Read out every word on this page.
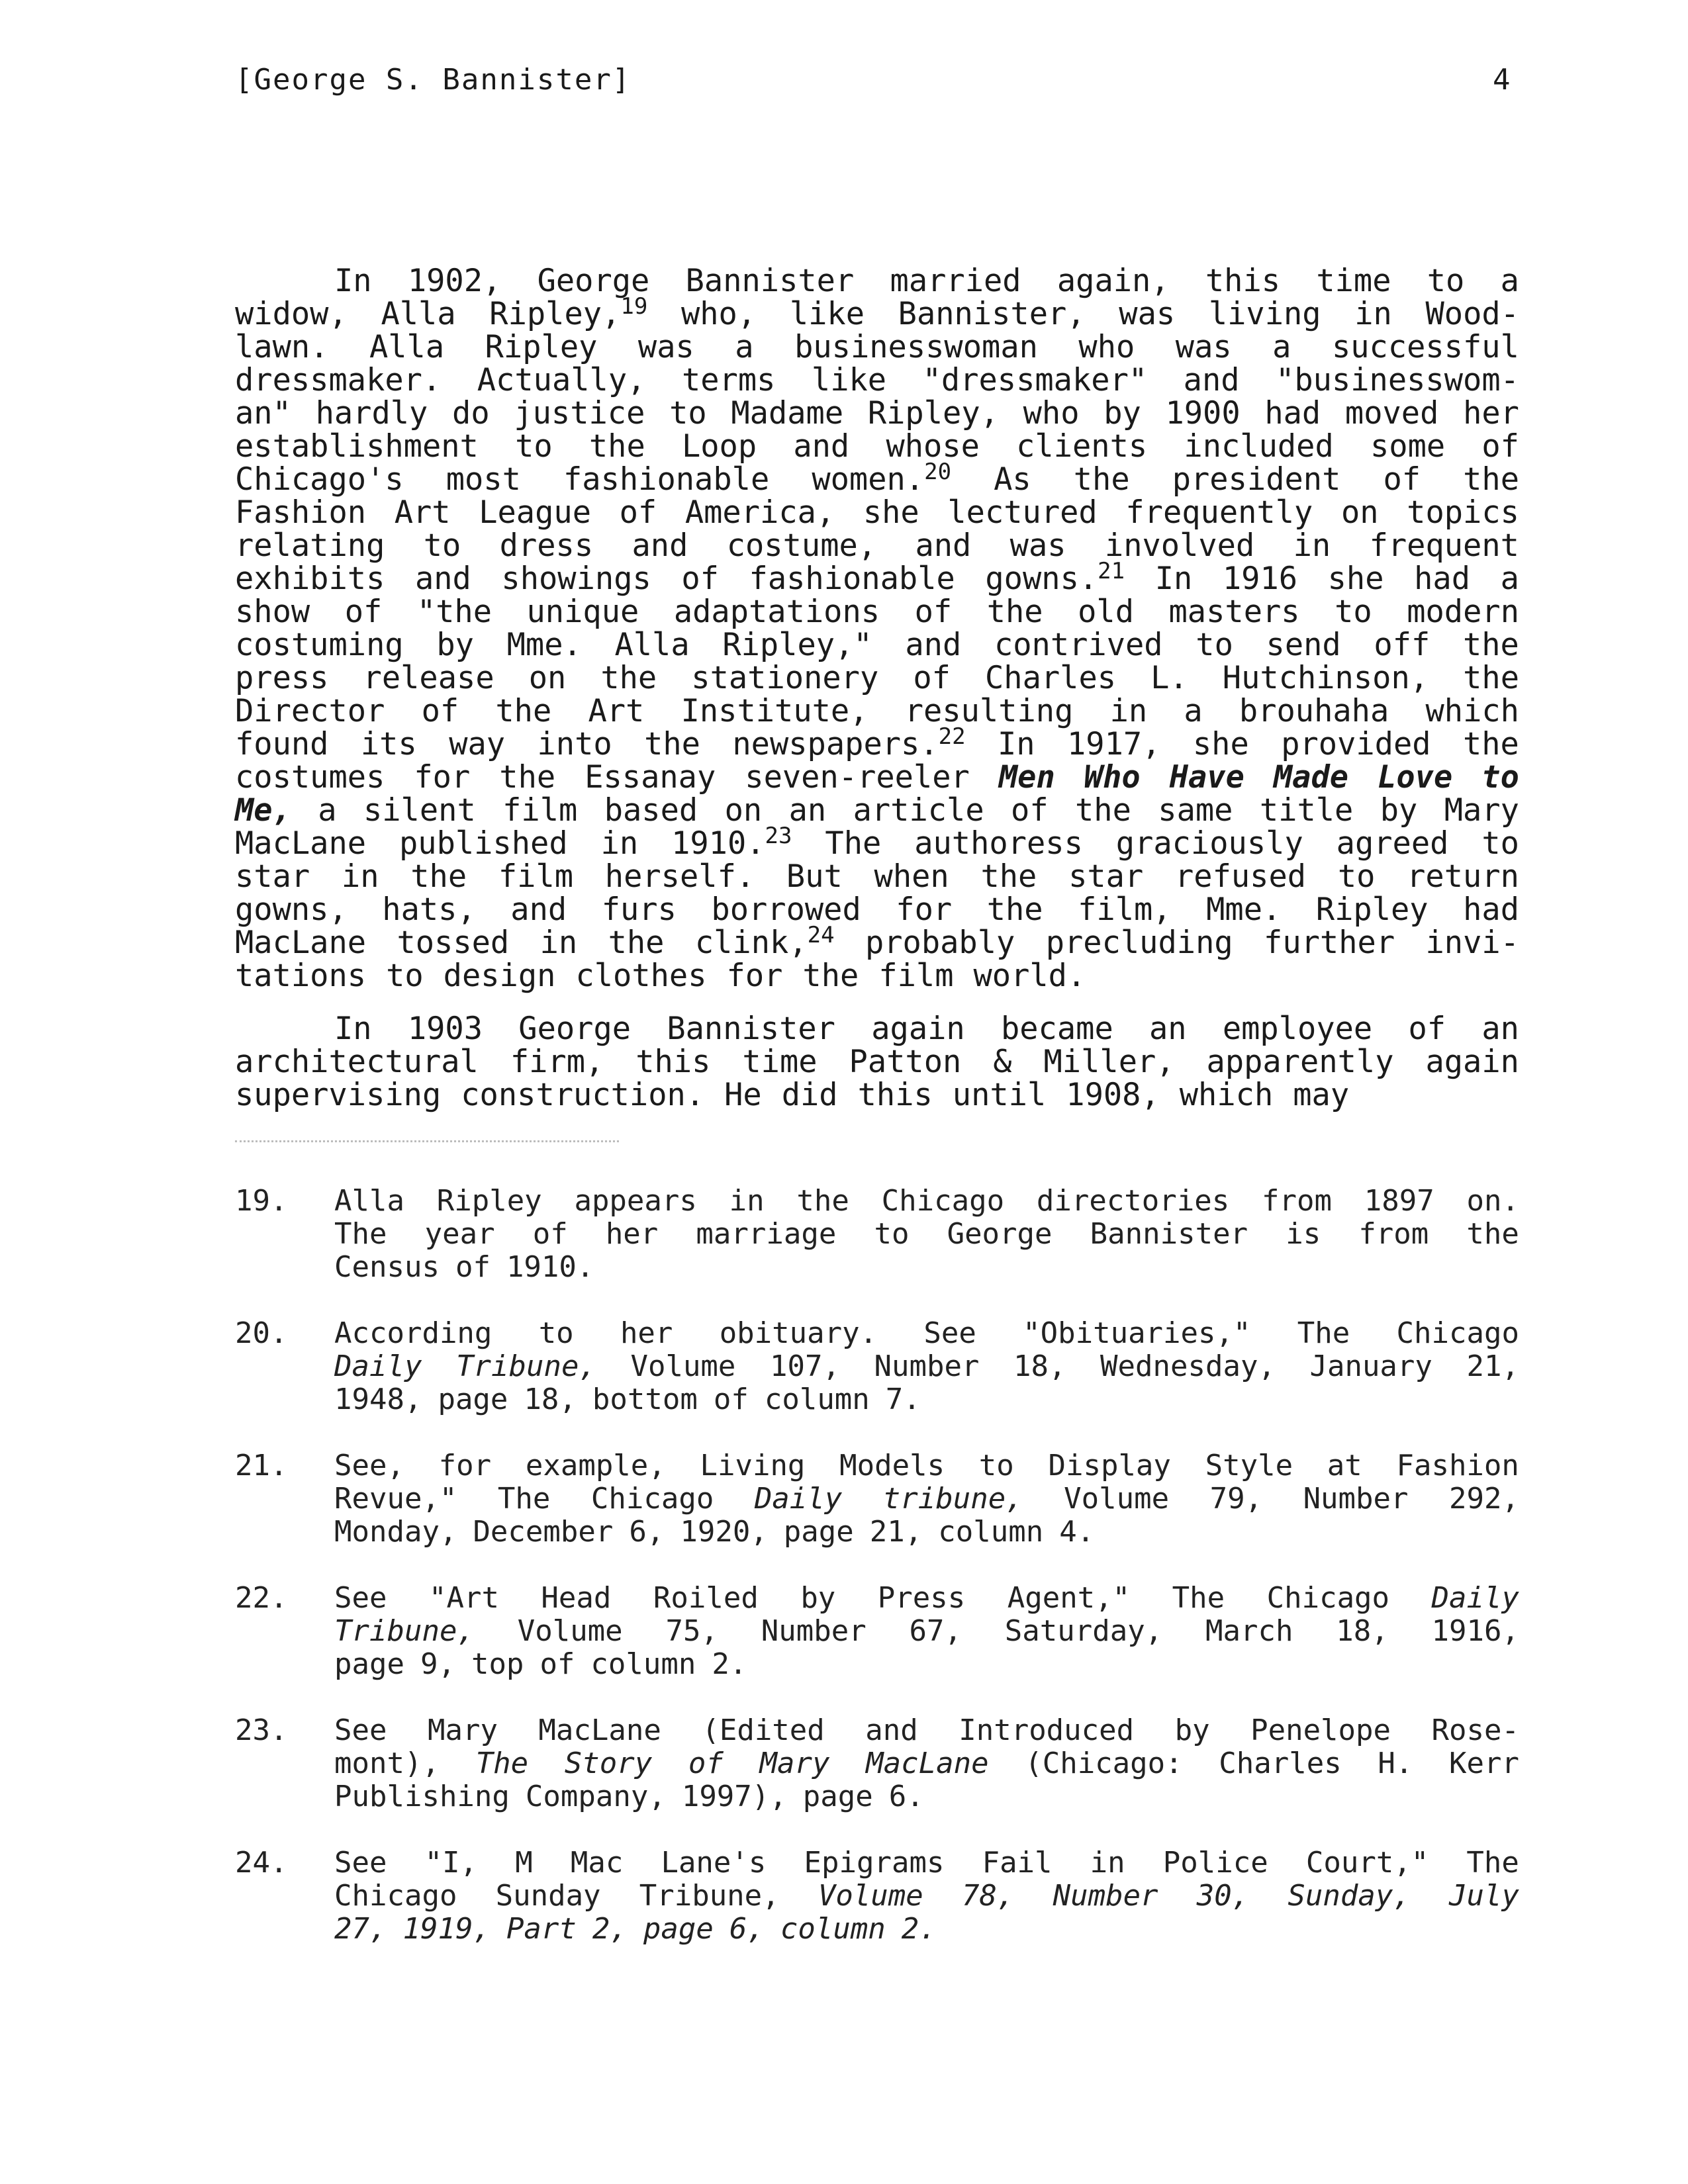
[George S. Bannister]	4
In 1902, George Bannister married again, this time to a
widow, Alla Ripley,$^{19}$ who, like Bannister, was living in Wood-
lawn. Alla Ripley was a businesswoman who was a successful
dressmaker. Actually, terms like "dressmaker" and "businesswom-
an" hardly do justice to Madame Ripley, who by 1900 had moved her
establishment to the Loop and whose clients included some of
Chicago's most fashionable women.$^{20}$ As the president of the
Fashion Art League of America, she lectured frequently on topics
relating to dress and costume, and was involved in frequent
exhibits and showings of fashionable gowns.$^{21}$ In 1916 she had a
show of "the unique adaptations of the old masters to modern
costuming by Mme. Alla Ripley," and contrived to send off the
press release on the stationery of Charles L. Hutchinson, the
Director of the Art Institute, resulting in a brouhaha which
found its way into the newspapers.$^{22}$ In 1917, she provided the
costumes for the Essanay seven-reeler Men Who Have Made Love to
Me, a silent film based on an article of the same title by Mary
MacLane published in 1910.23 The authoress graciously agreed to
star in the film herself. But when the star refused to return
gowns, hats, and furs borrowed for the film, Mme. Ripley had
MacLane tossed in the clink,$^{24}$ probably precluding further invi-
tations to design clothes for the film world.
In 1903 George Bannister again became an employee of an
architectural firm, this time Patton & Miller, apparently again
supervising construction. He did this until 1908, which may
19.	Alla Ripley appears in the Chicago directories from 1897 on.
The year of her marriage to George Bannister is from the
Census of 1910.
20.	According to her obituary. See "Obituaries," The Chicago
Daily Tribune, Volume 107, Number 18, Wednesday, January 21,
1948, page 18, bottom of column 7.
21.	See, for example, Living Models to Display Style at Fashion
Revue," The Chicago Daily tribune, Volume 79, Number 292,
Monday, December 6, 1920, page 21, column 4.
22.	See "Art Head Roiled by Press Agent," The Chicago Daily
Tribune, Volume 75, Number 67, Saturday, March 18, 1916,
page 9, top of column 2.
23.	See Mary MacLane (Edited and Introduced by Penelope Rose-
mont), The Story of Mary MacLane (Chicago: Charles H. Kerr
Publishing Company, 1997), page 6.
24.	See "I, M Mac Lane's Epigrams Fail in Police Court," The
Chicago Sunday Tribune, Volume 78, Number 30, Sunday, July
27, 1919, Part 2, page 6, column 2.
